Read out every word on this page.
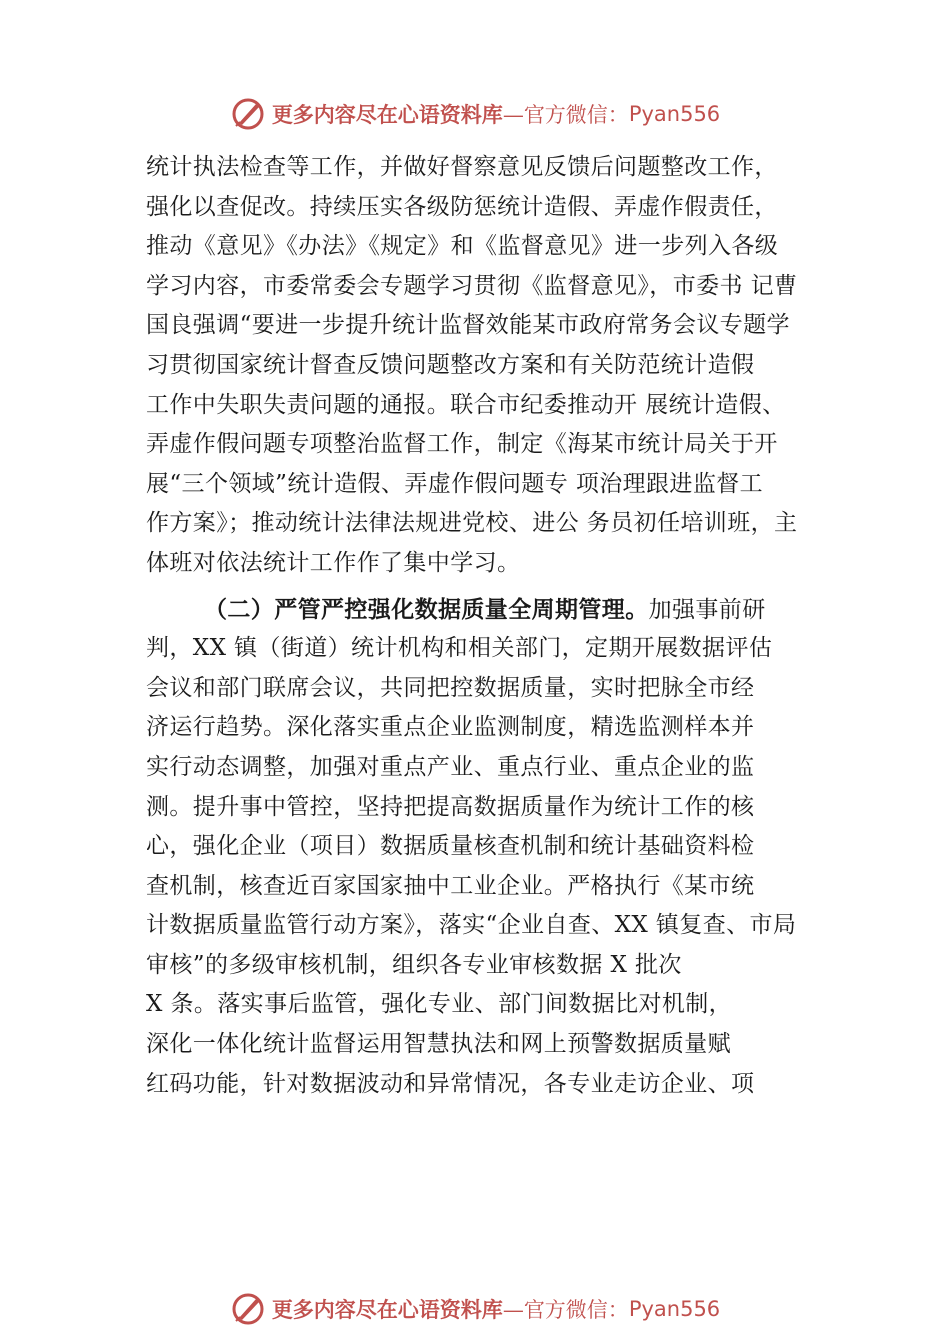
更多内容尽在心语资料库 —官方微信： Pyan556
统计执法检查等工作，并做好督察意见反馈后问题整改工作，
强化以查促改。持续压实各级防惩统计造假、弄虚作假责任，
推动《意见》《办法》《规定》和《监督意见》进一步列入各级
学习内容，市委常委会专题学习贯彻《监督意见》，市委书 记曹
国良强调“要进一步提升统计监督效能某市政府常务会议专题学
习贯彻国家统计督查反馈问题整改方案和有关防范统计造假
工作中失职失责问题的通报。联合市纪委推动开 展统计造假、
弄虚作假问题专项整治监督工作，制定《海某市统计局关于开
展“三个领域”统计造假、弄虚作假问题专 项治理跟进监督工
作方案》；推动统计法律法规进党校、进公 务员初任培训班，主
体班对依法统计工作作了集中学习。
（二）严管严控强化数据质量全周期管理。加强事前研
判，XX 镇（街道）统计机构和相关部门，定期开展数据评估
会议和部门联席会议，共同把控数据质量，实时把脉全市经
济运行趋势。深化落实重点企业监测制度，精选监测样本并
实行动态调整，加强对重点产业、重点行业、重点企业的监
测。提升事中管控，坚持把提高数据质量作为统计工作的核
心，强化企业（项目）数据质量核查机制和统计基础资料检
查机制，核查近百家国家抽中工业企业。严格执行《某市统
计数据质量监管行动方案》，落实“企业自查、XX 镇复查、市局
审核”的多级审核机制，组织各专业审核数据 X 批次
X 条。落实事后监管，强化专业、部门间数据比对机制，
深化一体化统计监督运用智慧执法和网上预警数据质量赋
红码功能，针对数据波动和异常情况，各专业走访企业、项
更多内容尽在心语资料库 —官方微信： Pyan556
